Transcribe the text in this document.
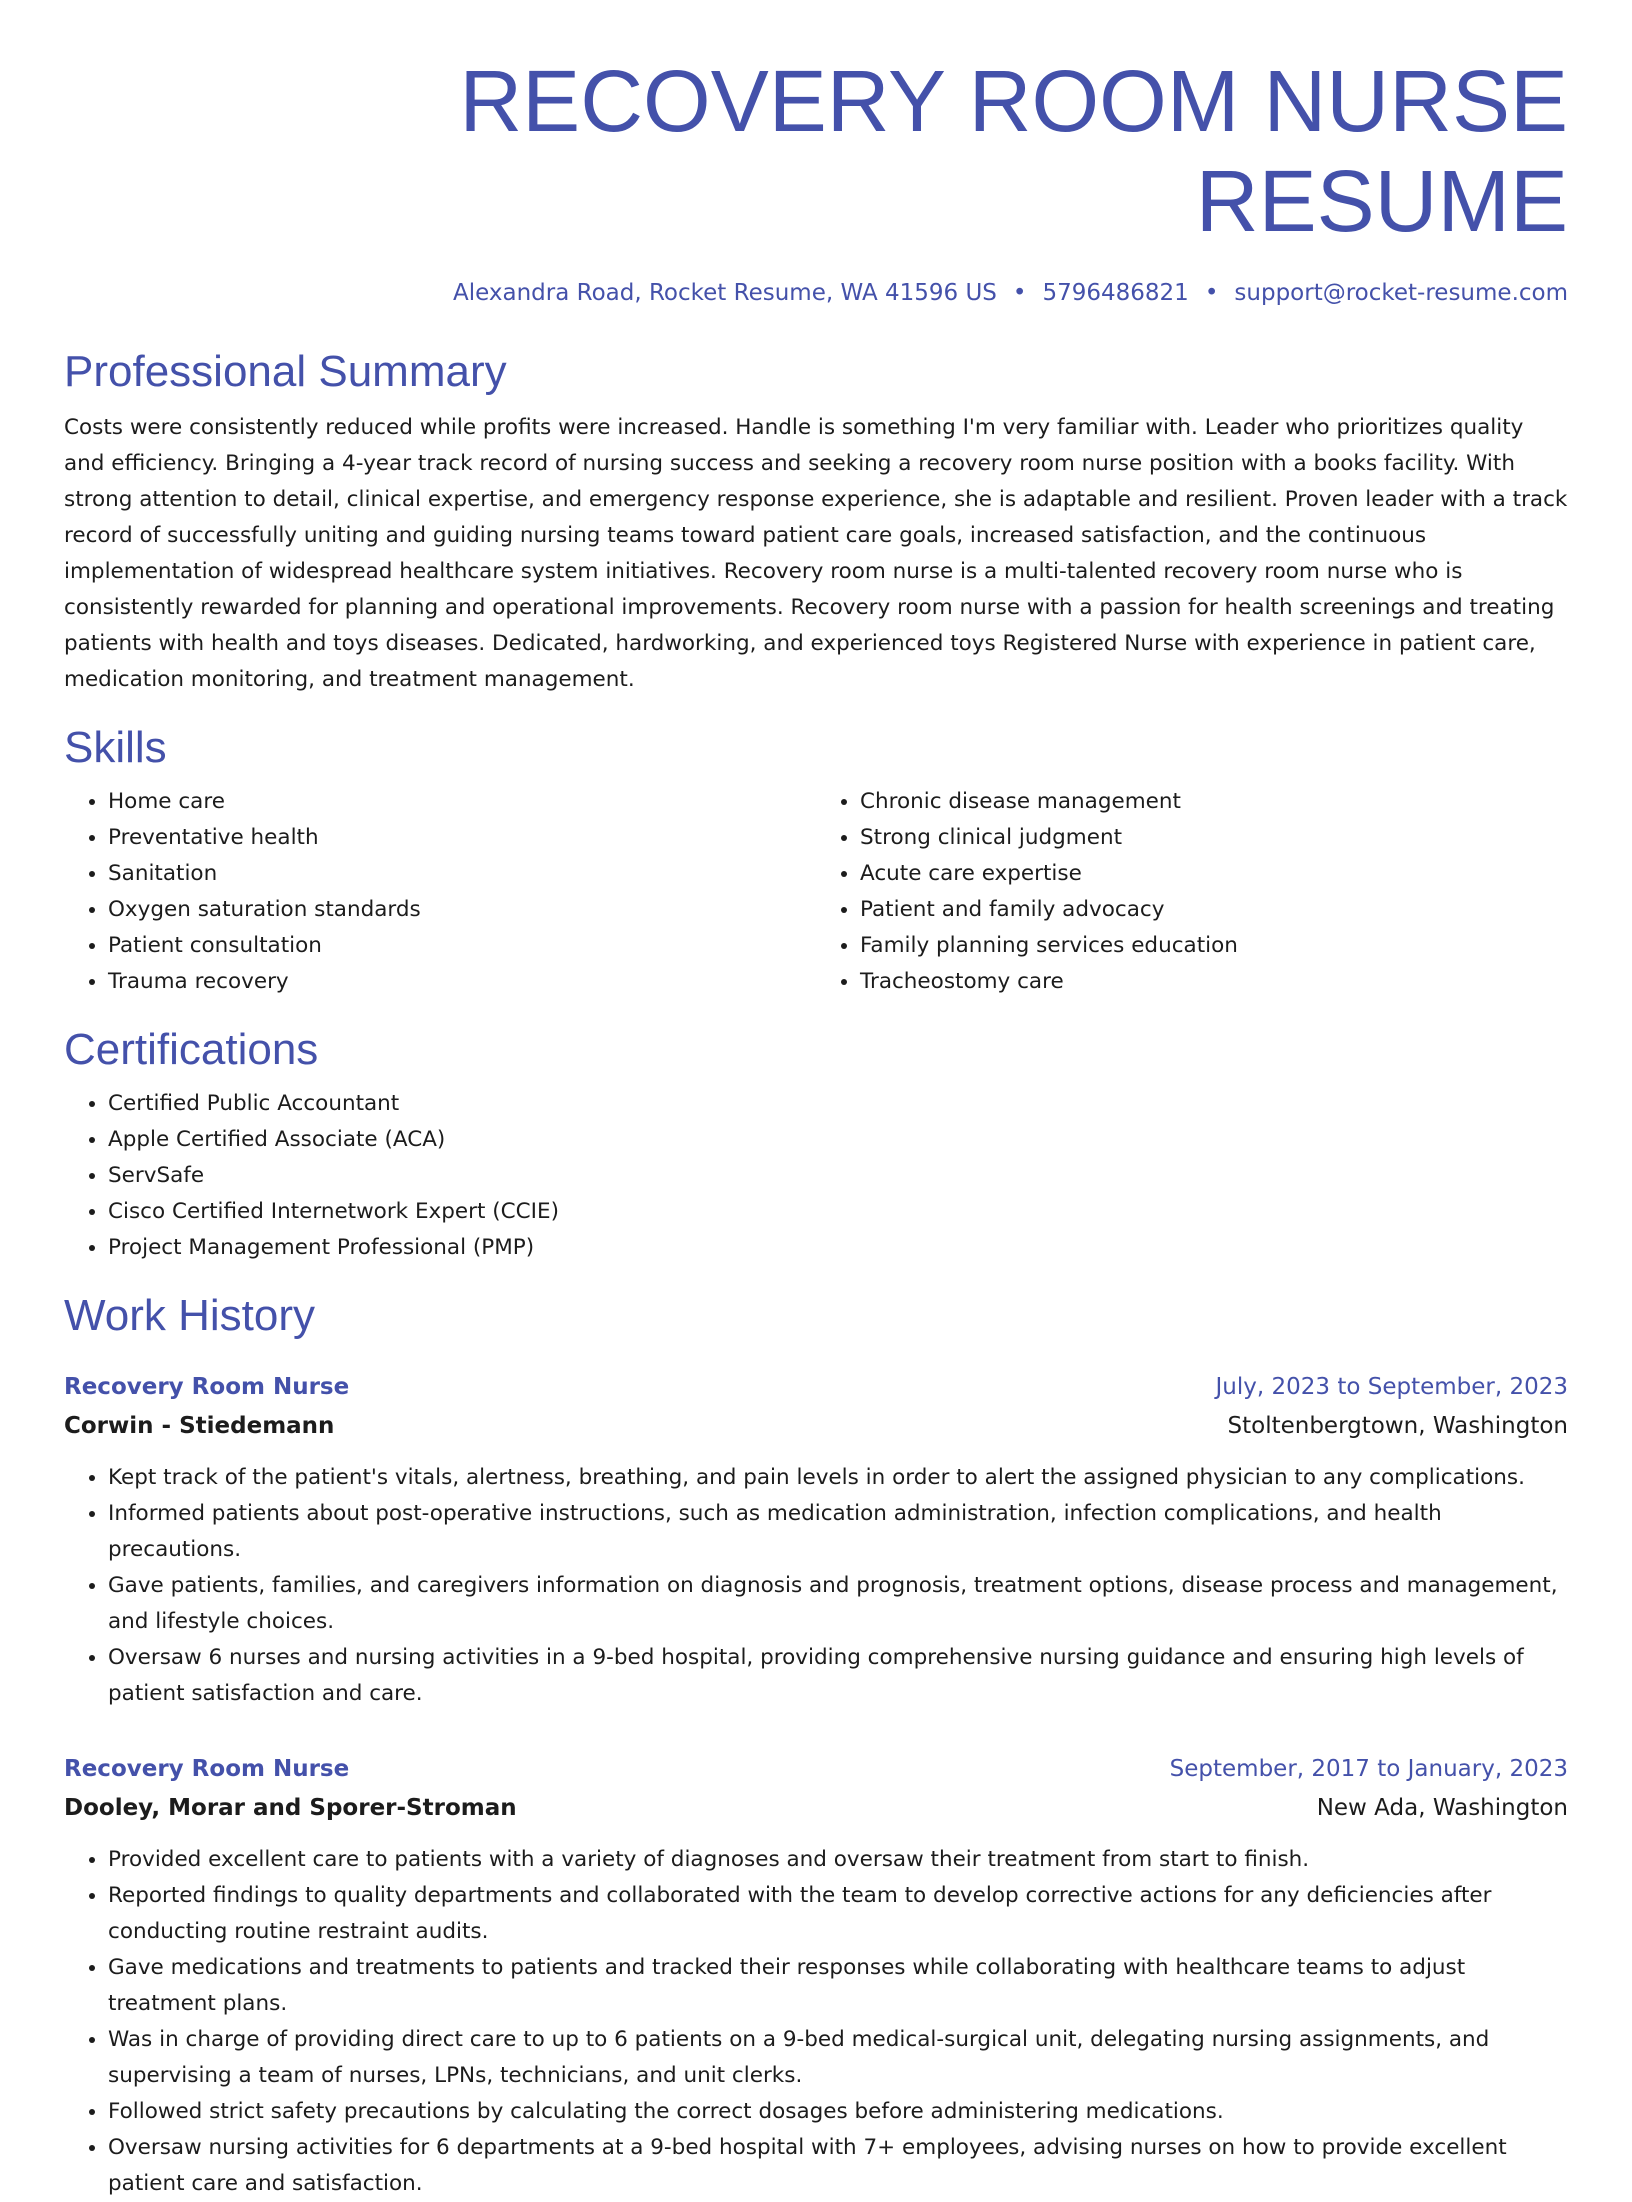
RECOVERY ROOM NURSE RESUME
Alexandra Road, Rocket Resume, WA 41596 US • 5796486821 • support@rocket-resume.com
Professional Summary

Costs were consistently reduced while profits were increased. Handle is something I'm very familiar with. Leader who prioritizes quality and efficiency. Bringing a 4-year track record of nursing success and seeking a recovery room nurse position with a books facility. With strong attention to detail, clinical expertise, and emergency response experience, she is adaptable and resilient. Proven leader with a track record of successfully uniting and guiding nursing teams toward patient care goals, increased satisfaction, and the continuous implementation of widespread healthcare system initiatives. Recovery room nurse is a multi-talented recovery room nurse who is consistently rewarded for planning and operational improvements. Recovery room nurse with a passion for health screenings and treating patients with health and toys diseases. Dedicated, hardworking, and experienced toys Registered Nurse with experience in patient care, medication monitoring, and treatment management.

Skills
• Home care
• Preventative health
• Sanitation
• Oxygen saturation standards
• Patient consultation
• Trauma recovery
• Chronic disease management
• Strong clinical judgment
• Acute care expertise
• Patient and family advocacy
• Family planning services education
• Tracheostomy care
Certifications
• Certified Public Accountant
• Apple Certified Associate (ACA)
• ServSafe
• Cisco Certified Internetwork Expert (CCIE)
• Project Management Professional (PMP)
Work History
Recovery Room Nurse	July, 2023 to September, 2023
Corwin - Stiedemann	Stoltenbergtown, Washington
• Kept track of the patient's vitals, alertness, breathing, and pain levels in order to alert the assigned physician to any complications.
• Informed patients about post-operative instructions, such as medication administration, infection complications, and health precautions.
• Gave patients, families, and caregivers information on diagnosis and prognosis, treatment options, disease process and management, and lifestyle choices.
• Oversaw 6 nurses and nursing activities in a 9-bed hospital, providing comprehensive nursing guidance and ensuring high levels of patient satisfaction and care.
Recovery Room Nurse	September, 2017 to January, 2023
Dooley, Morar and Sporer-Stroman	New Ada, Washington
• Provided excellent care to patients with a variety of diagnoses and oversaw their treatment from start to finish.
• Reported findings to quality departments and collaborated with the team to develop corrective actions for any deficiencies after conducting routine restraint audits.
• Gave medications and treatments to patients and tracked their responses while collaborating with healthcare teams to adjust treatment plans.
• Was in charge of providing direct care to up to 6 patients on a 9-bed medical-surgical unit, delegating nursing assignments, and supervising a team of nurses, LPNs, technicians, and unit clerks.
• Followed strict safety precautions by calculating the correct dosages before administering medications.
• Oversaw nursing activities for 6 departments at a 9-bed hospital with 7+ employees, advising nurses on how to provide excellent patient care and satisfaction.
